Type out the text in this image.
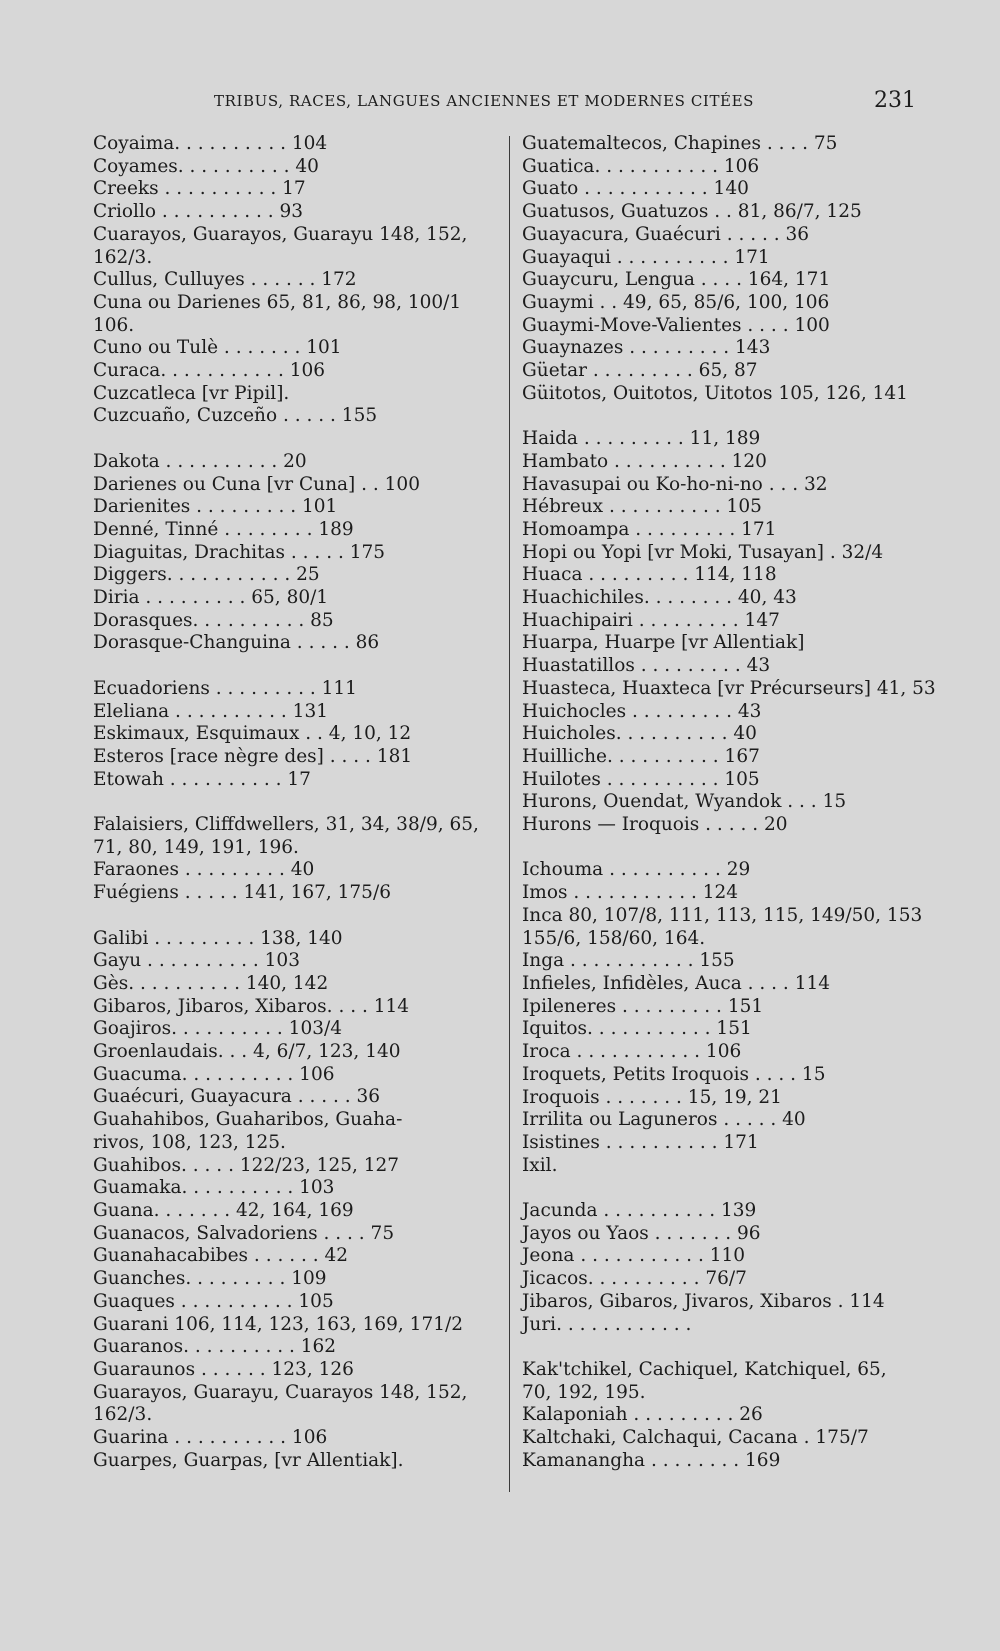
TRIBUS, RACES, LANGUES ANCIENNES ET MODERNES CITÉES	231
Coyaima. . . . . . . . . . 104
Coyames. . . . . . . . . . 40
Creeks . . . . . . . . . . 17
Criollo . . . . . . . . . . 93
Cuarayos, Guarayos, Guarayu 148, 152,
162/3.
Cullus, Culluyes . . . . . . 172
Cuna ou Darienes 65, 81, 86, 98, 100/1
106.
Cuno ou Tulè . . . . . . . 101
Curaca. . . . . . . . . . . 106
Cuzcatleca [vr Pipil].
Cuzcuaño, Cuzceño . . . . . 155
Dakota . . . . . . . . . . 20
Darienes ou Cuna [vr Cuna] . . 100
Darienites . . . . . . . . . 101
Denné, Tinné . . . . . . . . 189
Diaguitas, Drachitas . . . . . 175
Diggers. . . . . . . . . . . 25
Diria . . . . . . . . . 65, 80/1
Dorasques. . . . . . . . . . 85
Dorasque-Changuina . . . . . 86
Ecuadoriens . . . . . . . . . 111
Eleliana . . . . . . . . . . 131
Eskimaux, Esquimaux . . 4, 10, 12
Esteros [race nègre des] . . . . 181
Etowah . . . . . . . . . . 17
Falaisiers, Cliffdwellers, 31, 34, 38/9, 65,
71, 80, 149, 191, 196.
Faraones . . . . . . . . . 40
Fuégiens . . . . . 141, 167, 175/6
Galibi . . . . . . . . . 138, 140
Gayu . . . . . . . . . . 103
Gès. . . . . . . . . . 140, 142
Gibaros, Jibaros, Xibaros. . . . 114
Goajiros. . . . . . . . . . 103/4
Groenlaudais. . . 4, 6/7, 123, 140
Guacuma. . . . . . . . . . 106
Guaécuri, Guayacura . . . . . 36
Guahahibos, Guaharibos, Guaha-
rivos, 108, 123, 125.
Guahibos. . . . . 122/23, 125, 127
Guamaka. . . . . . . . . . 103
Guana. . . . . . . 42, 164, 169
Guanacos, Salvadoriens . . . . 75
Guanahacabibes . . . . . . 42
Guanches. . . . . . . . . 109
Guaques . . . . . . . . . . 105
Guarani 106, 114, 123, 163, 169, 171/2
Guaranos. . . . . . . . . . 162
Guaraunos . . . . . . 123, 126
Guarayos, Guarayu, Cuarayos 148, 152,
162/3.
Guarina . . . . . . . . . . 106
Guarpes, Guarpas, [vr Allentiak].
Guatemaltecos, Chapines . . . . 75
Guatica. . . . . . . . . . . 106
Guato . . . . . . . . . . . 140
Guatusos, Guatuzos . . 81, 86/7, 125
Guayacura, Guaécuri . . . . . 36
Guayaqui . . . . . . . . . . 171
Guaycuru, Lengua . . . . 164, 171
Guaymi . . 49, 65, 85/6, 100, 106
Guaymi-Move-Valientes . . . . 100
Guaynazes . . . . . . . . . 143
Güetar . . . . . . . . . 65, 87
Güitotos, Ouitotos, Uitotos 105, 126, 141
Haida . . . . . . . . . 11, 189
Hambato . . . . . . . . . . 120
Havasupai ou Ko-ho-ni-no . . . 32
Hébreux . . . . . . . . . . 105
Homoampa . . . . . . . . . 171
Hopi ou Yopi [vr Moki, Tusayan] . 32/4
Huaca . . . . . . . . . 114, 118
Huachichiles. . . . . . . . 40, 43
Huachipairi . . . . . . . . . 147
Huarpa, Huarpe [vr Allentiak]
Huastatillos . . . . . . . . . 43
Huasteca, Huaxteca [vr Précurseurs] 41, 53
Huichocles . . . . . . . . . 43
Huicholes. . . . . . . . . . 40
Huilliche. . . . . . . . . . 167
Huilotes . . . . . . . . . . 105
Hurons, Ouendat, Wyandok . . . 15
Hurons — Iroquois . . . . . 20
Ichouma . . . . . . . . . . 29
Imos . . . . . . . . . . . 124
Inca 80, 107/8, 111, 113, 115, 149/50, 153
155/6, 158/60, 164.
Inga . . . . . . . . . . . 155
Infieles, Infidèles, Auca . . . . 114
Ipileneres . . . . . . . . . 151
Iquitos. . . . . . . . . . . 151
Iroca . . . . . . . . . . . 106
Iroquets, Petits Iroquois . . . . 15
Iroquois . . . . . . . 15, 19, 21
Irrilita ou Laguneros . . . . . 40
Isistines . . . . . . . . . . 171
Ixil.
Jacunda . . . . . . . . . . 139
Jayos ou Yaos . . . . . . . 96
Jeona . . . . . . . . . . . 110
Jicacos. . . . . . . . . . 76/7
Jibaros, Gibaros, Jivaros, Xibaros . 114
Juri. . . . . . . . . . . .
Kak'tchikel, Cachiquel, Katchiquel, 65,
70, 192, 195.
Kalaponiah . . . . . . . . . 26
Kaltchaki, Calchaqui, Cacana . 175/7
Kamanangha . . . . . . . . 169
